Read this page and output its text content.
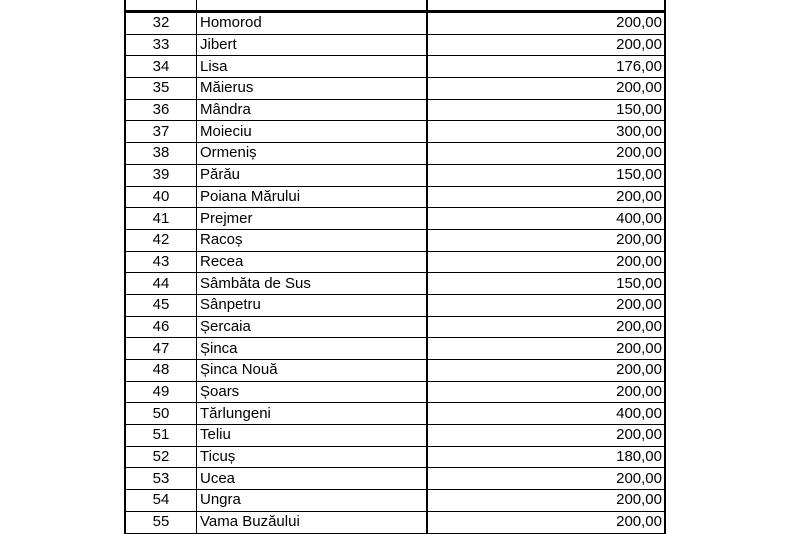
32	Homorod	200,00
33	Jibert	200,00
34	Lisa	176,00
35	Măierus	200,00
36	Mândra	150,00
37	Moieciu	300,00
38	Ormeniș	200,00
39	Părău	150,00
40	Poiana Mărului	200,00
41	Prejmer	400,00
42	Racoș	200,00
43	Recea	200,00
44	Sâmbăta de Sus	150,00
45	Sânpetru	200,00
46	Șercaia	200,00
47	Șinca	200,00
48	Șinca Nouă	200,00
49	Șoars	200,00
50	Tărlungeni	400,00
51	Teliu	200,00
52	Ticuș	180,00
53	Ucea	200,00
54	Ungra	200,00
55	Vama Buzăului	200,00
